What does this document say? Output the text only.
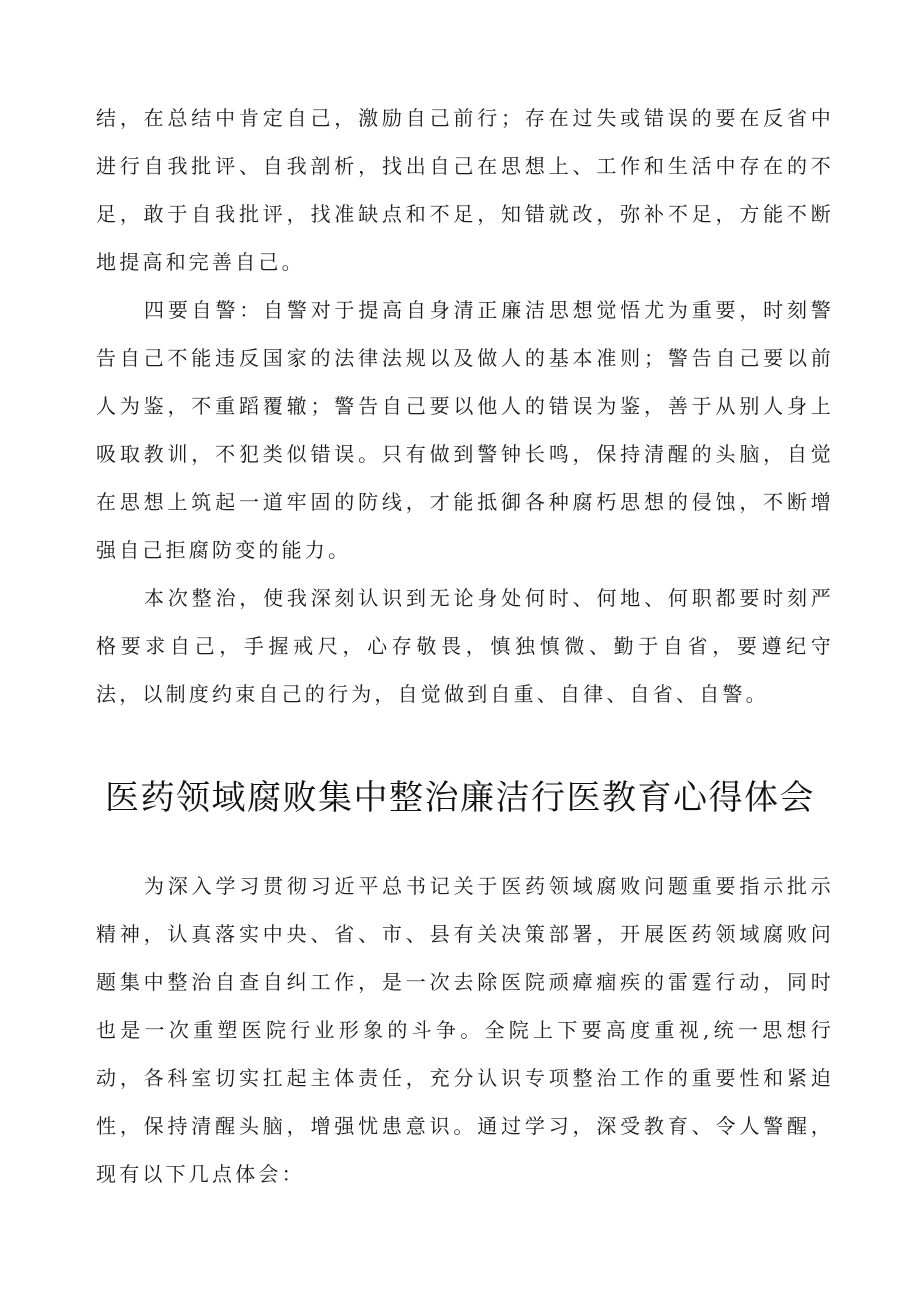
结，在总结中肯定自己，激励自己前行；存在过失或错误的要在反省中进行自我批评、自我剖析，找出自己在思想上、工作和生活中存在的不足，敢于自我批评，找准缺点和不足，知错就改，弥补不足，方能不断地提高和完善自己。

四要自警：自警对于提高自身清正廉洁思想觉悟尤为重要，时刻警告自己不能违反国家的法律法规以及做人的基本准则；警告自己要以前人为鉴，不重蹈覆辙；警告自己要以他人的错误为鉴，善于从别人身上吸取教训，不犯类似错误。只有做到警钟长鸣，保持清醒的头脑，自觉在思想上筑起一道牢固的防线，才能抵御各种腐朽思想的侵蚀，不断增强自己拒腐防变的能力。

本次整治，使我深刻认识到无论身处何时、何地、何职都要时刻严格要求自己，手握戒尺，心存敬畏，慎独慎微、勤于自省，要遵纪守法，以制度约束自己的行为，自觉做到自重、自律、自省、自警。

医药领域腐败集中整治廉洁行医教育心得体会

为深入学习贯彻习近平总书记关于医药领域腐败问题重要指示批示精神，认真落实中央、省、市、县有关决策部署，开展医药领域腐败问题集中整治自查自纠工作，是一次去除医院顽瘴痼疾的雷霆行动，同时也是一次重塑医院行业形象的斗争。全院上下要高度重视,统一思想行动，各科室切实扛起主体责任，充分认识专项整治工作的重要性和紧迫性，保持清醒头脑，增强忧患意识。通过学习，深受教育、令人警醒，现有以下几点体会：
